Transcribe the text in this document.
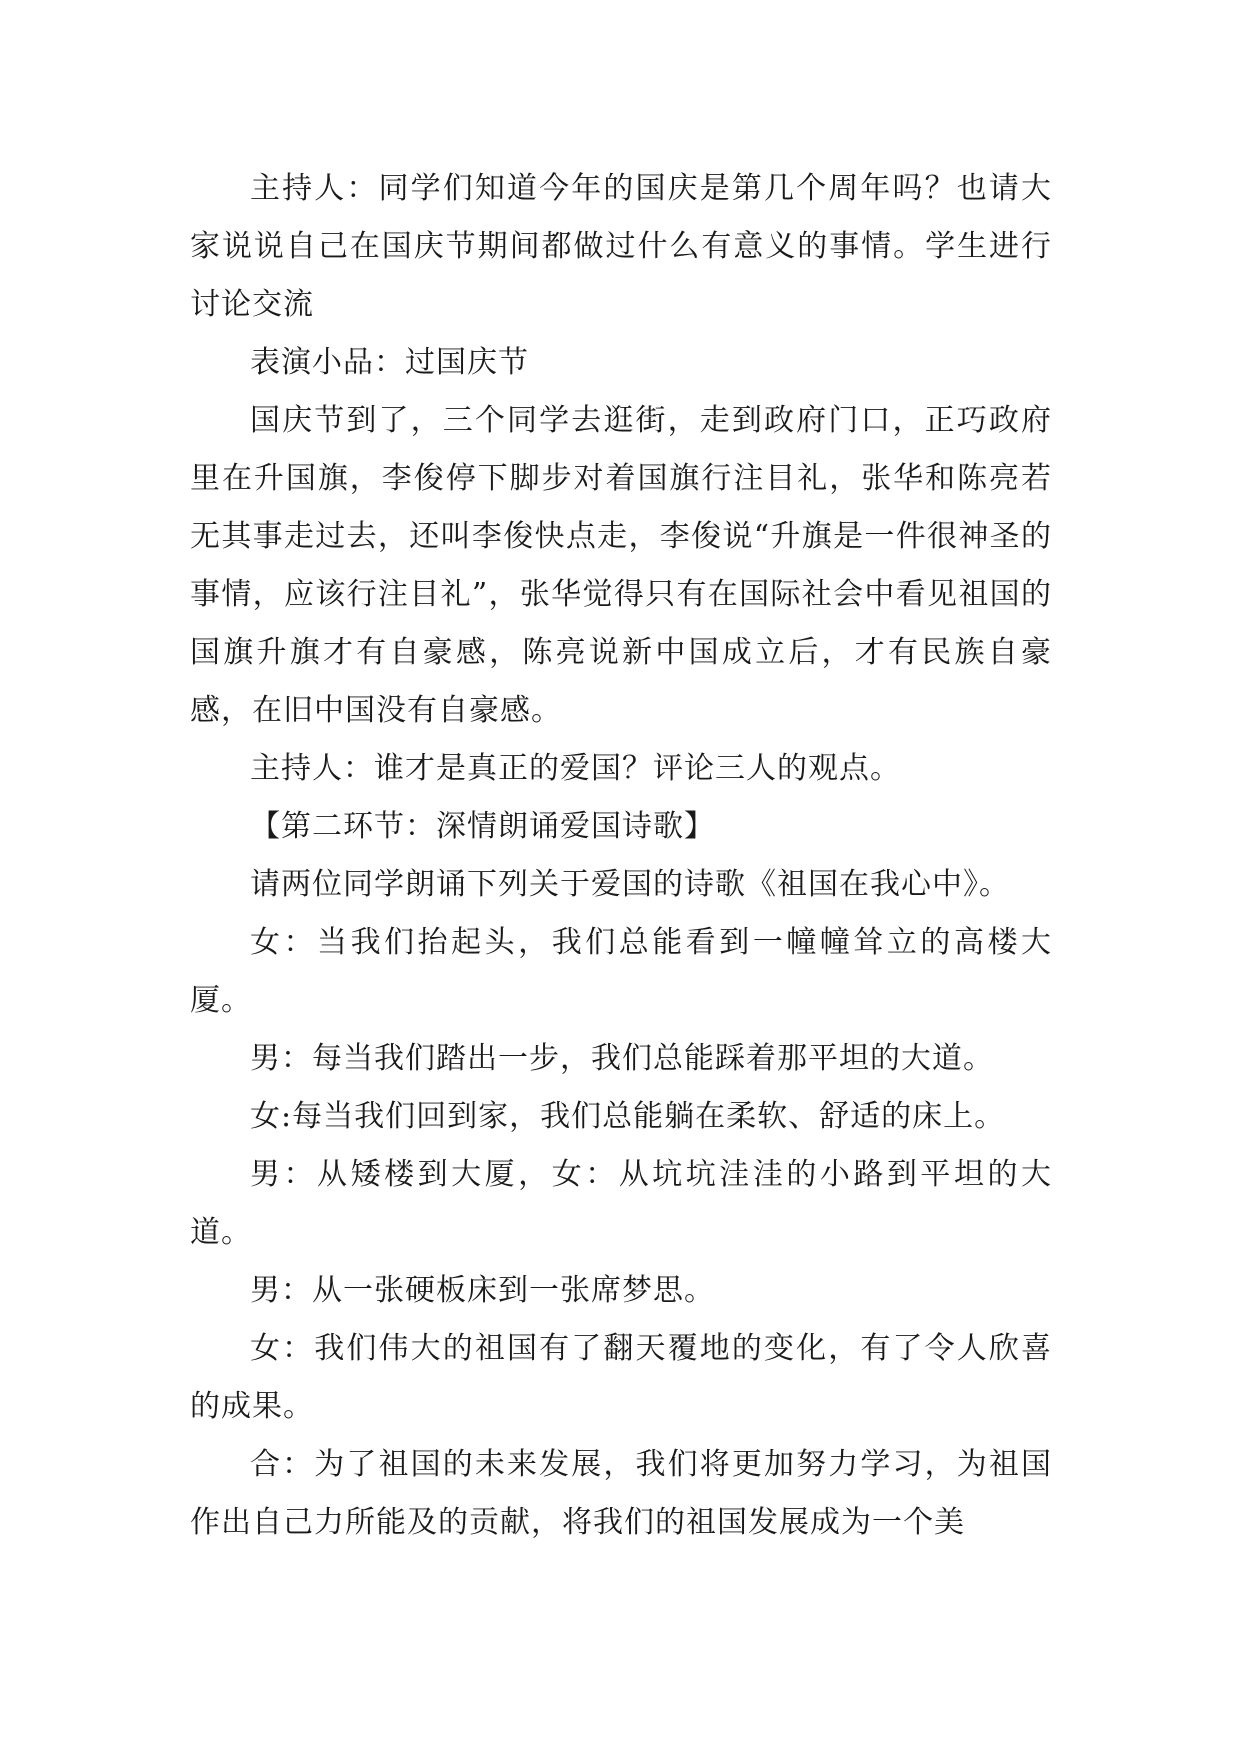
主持人：同学们知道今年的国庆是第几个周年吗？也请大家说说自己在国庆节期间都做过什么有意义的事情。学生进行讨论交流

表演小品：过国庆节

国庆节到了，三个同学去逛街，走到政府门口，正巧政府里在升国旗，李俊停下脚步对着国旗行注目礼，张华和陈亮若无其事走过去，还叫李俊快点走，李俊说“升旗是一件很神圣的事情，应该行注目礼”，张华觉得只有在国际社会中看见祖国的国旗升旗才有自豪感，陈亮说新中国成立后，才有民族自豪感，在旧中国没有自豪感。

主持人：谁才是真正的爱国？评论三人的观点。

【第二环节：深情朗诵爱国诗歌】

请两位同学朗诵下列关于爱国的诗歌《祖国在我心中》。

女：当我们抬起头，我们总能看到一幢幢耸立的高楼大厦。

男：每当我们踏出一步，我们总能踩着那平坦的大道。

女:每当我们回到家，我们总能躺在柔软、舒适的床上。

男：从矮楼到大厦，女：从坑坑洼洼的小路到平坦的大道。

男：从一张硬板床到一张席梦思。

女：我们伟大的祖国有了翻天覆地的变化，有了令人欣喜的成果。

合：为了祖国的未来发展，我们将更加努力学习，为祖国作出自己力所能及的贡献，将我们的祖国发展成为一个美
